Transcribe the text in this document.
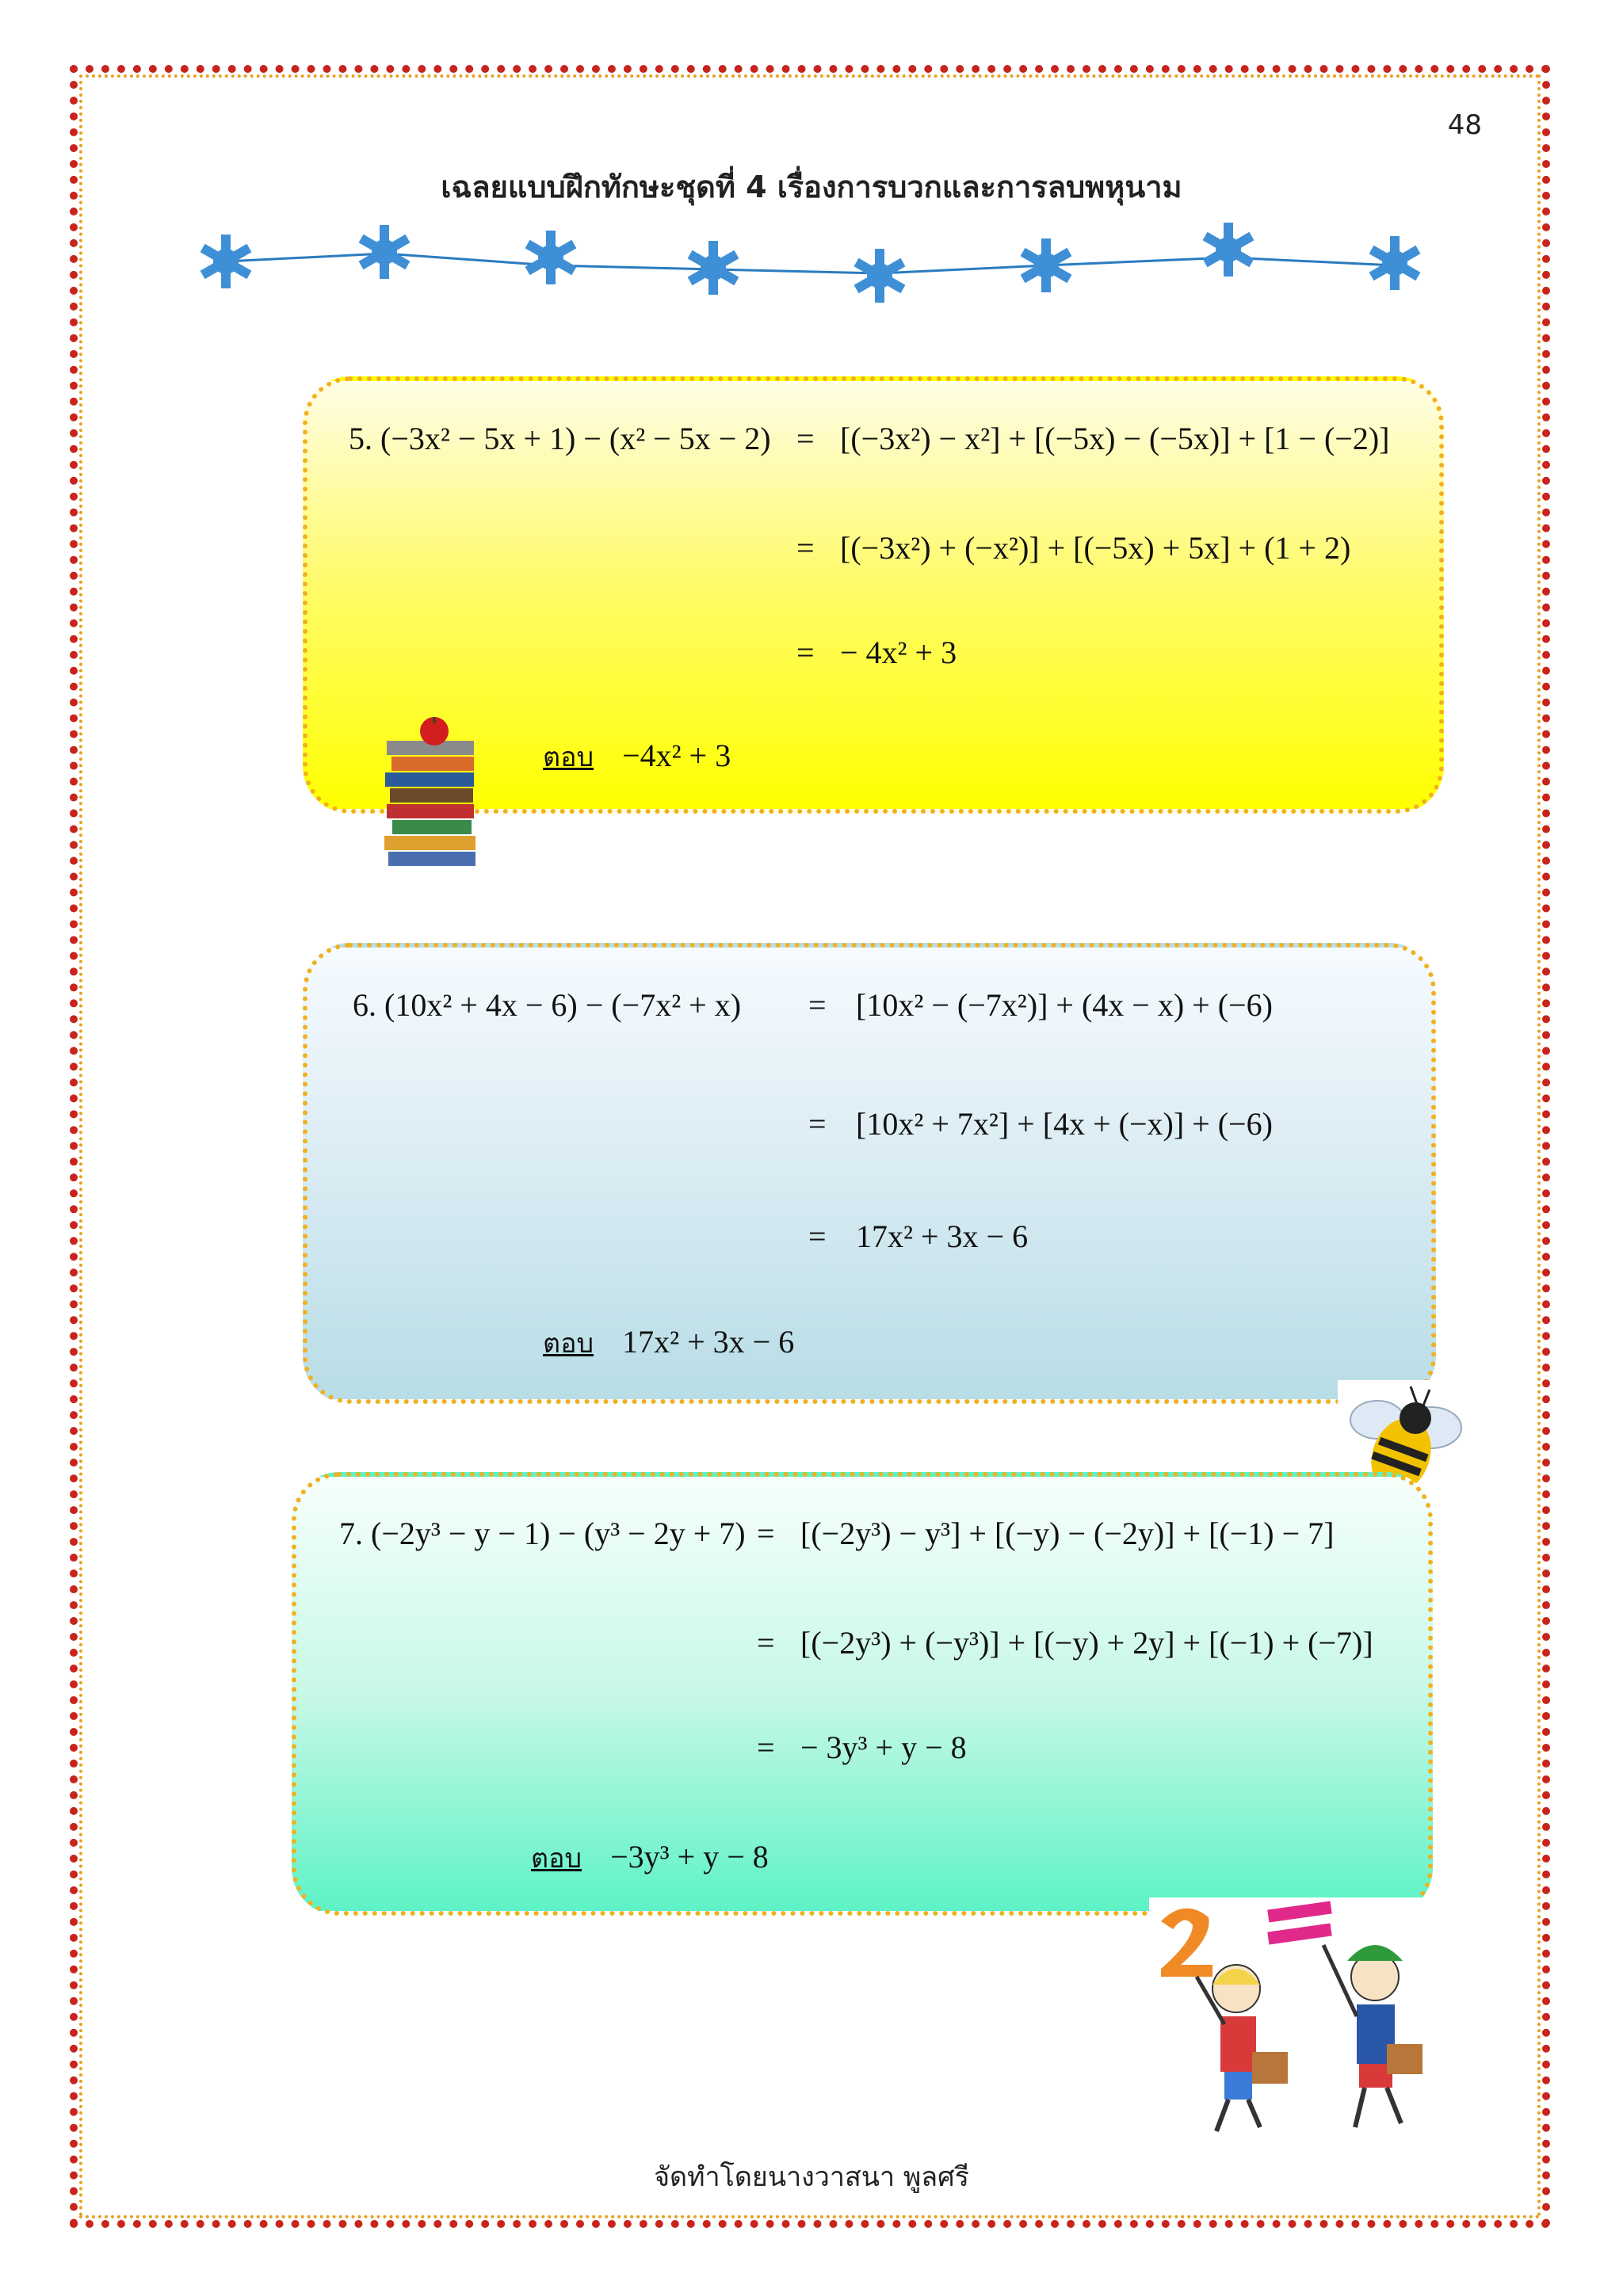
48
เฉลยแบบฝึกทักษะชุดที่ 4 เรื่องการบวกและการลบพหุนาม
5. (−3x² − 5x + 1) − (x² − 5x − 2) = [(−3x²) − x²] + [(−5x) − (−5x)] + [1 − (−2)]
= [(−3x²) + (−x²)] + [(−5x) + 5x] + (1 + 2)
= − 4x² + 3
ตอบ −4x² + 3
6. (10x² + 4x − 6) − (−7x² + x) = [10x² − (−7x²)] + (4x − x) + (−6)
= [10x² + 7x²] + [4x + (−x)] + (−6)
= 17x² + 3x − 6
ตอบ 17x² + 3x − 6
7. (−2y³ − y − 1) − (y³ − 2y + 7) = [(−2y³) − y³] + [(−y) − (−2y)] + [(−1) − 7]
= [(−2y³) + (−y³)] + [(−y) + 2y] + [(−1) + (−7)]
= − 3y³ + y − 8
ตอบ −3y³ + y − 8
จัดทำโดยนางวาสนา พูลศรี
